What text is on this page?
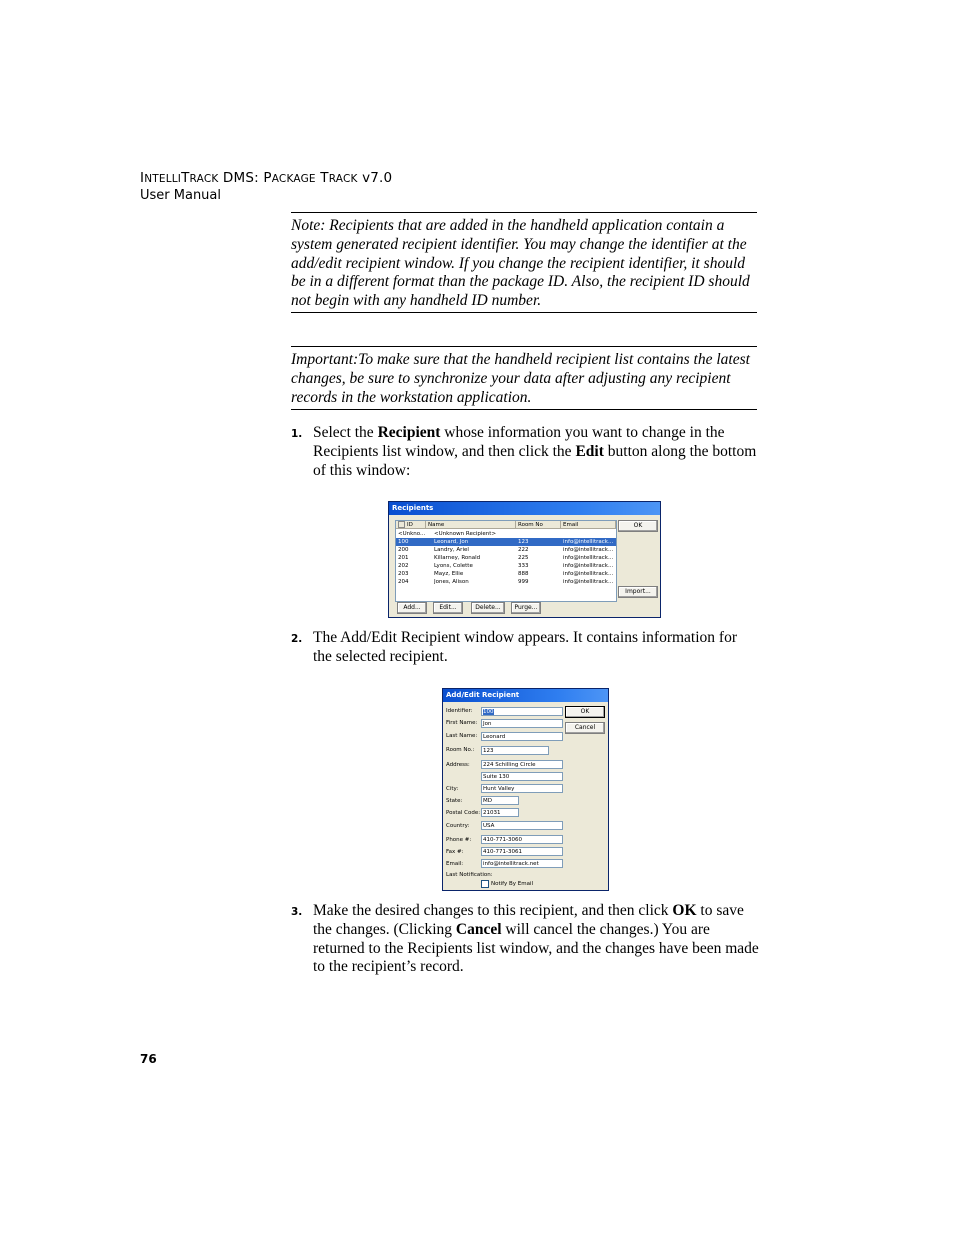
INTELLITRACK DMS: PACKAGE TRACK v7.0
User Manual
Note: Recipients that are added in the handheld application contain a system generated recipient identifier. You may change the identifier at the add/edit recipient window. If you change the recipient identifier, it should be in a different format than the package ID. Also, the recipient ID should not begin with any handheld ID number.
Important:To make sure that the handheld recipient list contains the latest changes, be sure to synchronize your data after adjusting any recipient records in the workstation application.
1. Select the Recipient whose information you want to change in the Recipients list window, and then click the Edit button along the bottom of this window:
Recipients
ID	Name	Room No	Email
<Unkno...	<Unknown Recipient>
100	Leonard, Jon	123	info@intellitrack...
200	Landry, Ariel	222	info@intellitrack...
201	Killarney, Ronald	225	info@intellitrack...
202	Lyons, Colette	333	info@intellitrack...
203	Mayz, Ellie	888	info@intellitrack...
204	Jones, Alison	999	info@intellitrack...
OK
Import...
Add...	Edit...	Delete...	Purge...
2. The Add/Edit Recipient window appears. It contains information for the selected recipient.
Add/Edit Recipient
Identifier:	100
First Name:	Jon
Last Name:	Leonard
Room No.:	123
Address:	224 Schilling Circle
Suite 130
City:	Hunt Valley
State:	MD
Postal Code: 21031
Country:	USA
Phone #:	410-771-3060
Fax #:	410-771-3061
Email:	info@intellitrack.net
Last Notification:
Notify By Email
OK
Cancel
3. Make the desired changes to this recipient, and then click OK to save the changes. (Clicking Cancel will cancel the changes.) You are returned to the Recipients list window, and the changes have been made to the recipient’s record.
76
